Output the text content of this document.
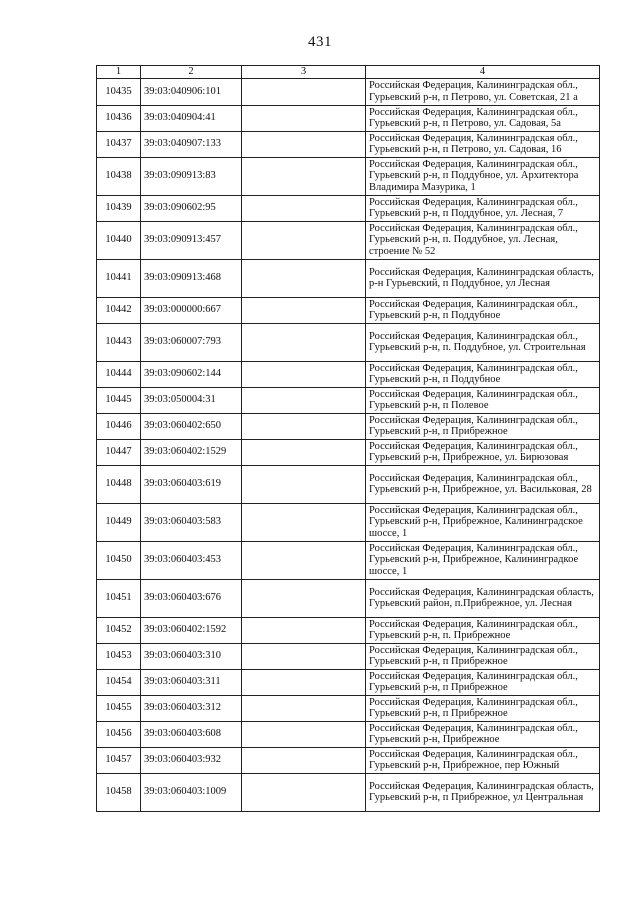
431
1	2	3	4
10435	39:03:040906:101		Российская Федерация, Калининградская обл., Гурьевский р-н, п Петрово, ул. Советская, 21 а
10436	39:03:040904:41		Российская Федерация, Калининградская обл., Гурьевский р-н, п Петрово, ул. Садовая, 5а
10437	39:03:040907:133		Российская Федерация, Калининградская обл., Гурьевский р-н, п Петрово, ул. Садовая, 16
10438	39:03:090913:83		Российская Федерация, Калининградская обл., Гурьевский р-н, п Поддубное, ул. Архитектора Владимира Мазурика, 1
10439	39:03:090602:95		Российская Федерация, Калининградская обл., Гурьевский р-н, п Поддубное, ул. Лесная, 7
10440	39:03:090913:457		Российская Федерация, Калининградская обл., Гурьевский р-н, п. Поддубное, ул. Лесная, строение № 52
10441	39:03:090913:468		Российская Федерация, Калининградская область, р-н Гурьевский, п Поддубное, ул Лесная
10442	39:03:000000:667		Российская Федерация, Калининградская обл., Гурьевский р-н, п Поддубное
10443	39:03:060007:793		Российская Федерация, Калининградская обл., Гурьевский р-н, п. Поддубное, ул. Строительная
10444	39:03:090602:144		Российская Федерация, Калининградская обл., Гурьевский р-н, п Поддубное
10445	39:03:050004:31		Российская Федерация, Калининградская обл., Гурьевский р-н, п Полевое
10446	39:03:060402:650		Российская Федерация, Калининградская обл., Гурьевский р-н, п Прибрежное
10447	39:03:060402:1529		Российская Федерация, Калининградская обл., Гурьевский р-н, Прибрежное, ул. Бирюзовая
10448	39:03:060403:619		Российская Федерация, Калининградская обл., Гурьевский р-н, Прибрежное, ул. Васильковая, 28
10449	39:03:060403:583		Российская Федерация, Калининградская обл., Гурьевский р-н, Прибрежное, Калининградское шоссе, 1
10450	39:03:060403:453		Российская Федерация, Калининградская обл., Гурьевский р-н, Прибрежное, Калининградкое шоссе, 1
10451	39:03:060403:676		Российская Федерация, Калининградская область, Гурьевский район, п.Прибрежное, ул. Лесная
10452	39:03:060402:1592		Российская Федерация, Калининградская обл., Гурьевский р-н, п. Прибрежное
10453	39:03:060403:310		Российская Федерация, Калининградская обл., Гурьевский р-н, п Прибрежное
10454	39:03:060403:311		Российская Федерация, Калининградская обл., Гурьевский р-н, п Прибрежное
10455	39:03:060403:312		Российская Федерация, Калининградская обл., Гурьевский р-н, п Прибрежное
10456	39:03:060403:608		Российская Федерация, Калининградская обл., Гурьевский р-н, Прибрежное
10457	39:03:060403:932		Российская Федерация, Калининградская обл., Гурьевский р-н, Прибрежное, пер Южный
10458	39:03:060403:1009		Российская Федерация, Калининградская область, Гурьевский р-н, п Прибрежное, ул Центральная
